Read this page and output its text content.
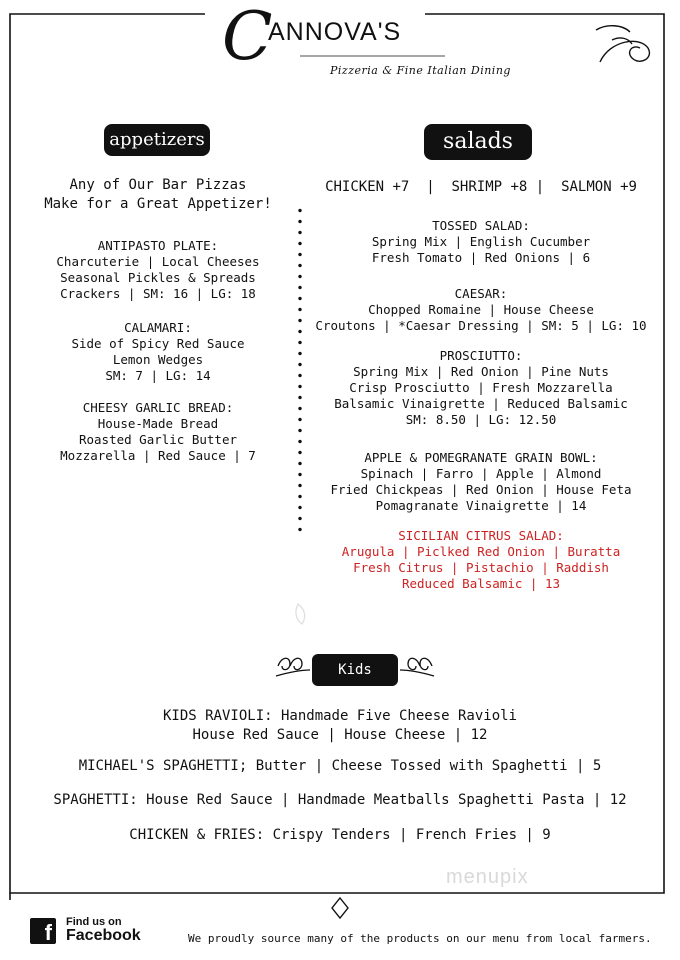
C
ANNOVA'S
Pizzeria & Fine Italian Dining
appetizers	salads
Any of Our Bar Pizzas
Make for a Great Appetizer!
ANTIPASTO PLATE:
Charcuterie | Local Cheeses
Seasonal Pickles & Spreads
Crackers | SM: 16 | LG: 18
CALAMARI:
Side of Spicy Red Sauce
Lemon Wedges
SM: 7 | LG: 14
CHEESY GARLIC BREAD:
House-Made Bread
Roasted Garlic Butter
Mozzarella | Red Sauce | 7
CHICKEN +7  |  SHRIMP +8 |  SALMON +9
TOSSED SALAD:
Spring Mix | English Cucumber
Fresh Tomato | Red Onions | 6
CAESAR:
Chopped Romaine | House Cheese
Croutons | *Caesar Dressing | SM: 5 | LG: 10
PROSCIUTTO:
Spring Mix | Red Onion | Pine Nuts
Crisp Prosciutto | Fresh Mozzarella
Balsamic Vinaigrette | Reduced Balsamic
SM: 8.50 | LG: 12.50
APPLE & POMEGRANATE GRAIN BOWL:
Spinach | Farro | Apple | Almond
Fried Chickpeas | Red Onion | House Feta
Pomagranate Vinaigrette | 14
SICILIAN CITRUS SALAD:
Arugula | Piclked Red Onion | Buratta
Fresh Citrus | Pistachio | Raddish
Reduced Balsamic | 13
Kids
KIDS RAVIOLI: Handmade Five Cheese Ravioli
House Red Sauce | House Cheese | 12
MICHAEL'S SPAGHETTI; Butter | Cheese Tossed with Spaghetti | 5
SPAGHETTI: House Red Sauce | Handmade Meatballs Spaghetti Pasta | 12
CHICKEN & FRIES: Crispy Tenders | French Fries | 9
menupix
f	Find us on
Facebook	We proudly source many of the products on our menu from local farmers.
